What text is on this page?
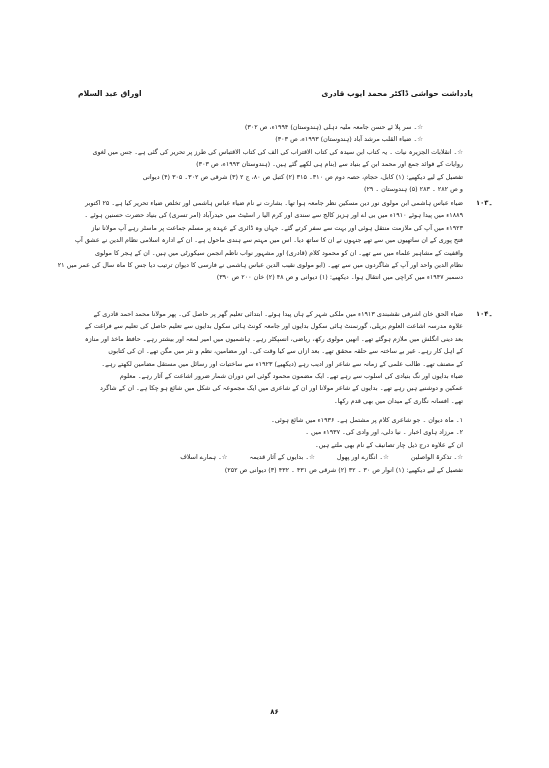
یادداشت حواشی ڈاکٹر محمد ایوب قادری
اوراق عبد السلام
☆۔ سر پلا ئے حسن جامعہ ملیہ دہلی (ہندوستان) ۱۹۹۴ء، ص ۳۰۲)
☆۔ ضیاء القلب مرشد آباد (ہندوستان) ۱۹۹۳ء، ص ۳۰۳)
☆۔ انقلابات الجزیرہ نیات ۔ یہ کتاب ابن سیدہ کی کتاب الاقتراب کی الف کی کتاب الاقتباس کی طرز پر تحریر کی گئی ہے۔ جس میں لغوی
روایات کے فوائد جمع اور محمد ابن کے بنیاد سے (بنام ہی لکھے گئے ہیں۔ (ہندوستان ۱۹۹۳ء، ص ۳۰۳)
تفصیل کے لیے دیکھیے: (۱) کابل، حجام، حصہ دوم ص ۳۱۰۔ ۳۱۵ (۲) کتبل ص ۸۰، ج ۲ (۳) شرقی ص ۳۰۲۔ ۳۰۵ (۴) دیوانی
و ص ۲۸۲ ۔ ۲۸۳ (۵) ہندوستان ۔ ۲۹)
۱۰۳۔
ضیاء عباس ہاشمی ابن مولوی نور دین مسکین نظر جامعہ ہوا تھا۔ بشارت نے نام ضیاء عباس ہاشمی اور تخلص ضیاء تحریر کیا ہے۔ ۲۵ اکتوبر
۱۸۸۹ء میں پیدا ہوئے ۱۹۱۰ء میں بی اے اور ہزیز کالج سے سندی اور کرم الیا ر اسٹیٹ میں حیدرآباد (امر تسری) کی بنیاد حضرت حسنین ہوئے ۔
۱۹۲۳ء میں آپ کی ملازمت منتقل ہوئی اور بہت سے سفر کرتے گئے۔ جہاں وہ ڈائری کے عہدہ پر مسلم جماعت پر ماسٹر رہے آپ مولانا نیاز
فتح پوری کے ان ساتھیوں میں سے تھے جنہوں نے ان کا ساتھ دیا۔ اس میں مہتم سے ہندی ماحول ہے۔ ان کے ادارہ اسلامی نظام الدین نے عشق آپ
واقفیت کے مشاہیر علماء میں سے تھے۔ ان کو محمود کلام (قادری) اور مشہور نواب ناظم انجمن سیکورٹی میں ہیں۔ ان کے ہجر کا مولوی
نظام الدین واحد اور آپ کے شاگردوں میں سے تھے۔ (ابو مولوی نقیب الدین عباس ہاشمی نے فارسی کا دیوان ترتیب دیا جس کا ماہ سال کی عمر میں ۲۱
دسمبر ۱۹۴۷ء میں کراچی میں انتقال ہوا۔ دیکھیے: (۱) دیوانی و ص ۴۸ (۲) خان ۲۰۰ ص ۳۹۰)
۱۰۴۔
ضیاء الحق خان اشرفی نقشبندی ۱۹۱۳ء میں ملکی شہر کے ہاں پیدا ہوئے۔ ابتدائی تعلیم گھر پر حاصل کی۔ پھر مولانا محمد احمد قادری کے
علاوہ مدرسہ اشاعت العلوم بریلی، گورنمنٹ ہائی سکول بدایوں اور جامعہ کونٹ ہائی سکول بدایوں سے تعلیم حاصل کی تعلیم سے فراغت کے
بعد دینی انگلش میں ملازم ہوگئے تھے۔ انھیں مولوی رکھ، ریاضی، انسپکٹر رہے۔ ہاشمیوں میں امیر لمعہ اور بیشتر رہے۔ حافظ ماخذ اور منازہ
کے اہل کار رہے۔ غیر بے ساختہ سے حلقہ محقق تھے۔ بعد ازاں سے کیا وقت کی۔ اور مضامین، نظم و نثر میں مگن تھے۔ ان کی کتابوں
کے مصنف تھے۔ طالب علمی کے زمانہ سے شاعر اور ادیب رہے (دیکھیے) ۱۹۲۳ء سے ساختیات اور رسائل میں مستقل مضامین لکھتے رہے۔
ضیاء بدایوں اور نگ بنیادی کی اسلوب سے رہے تھے۔ ایک مضمون محمود گوئی اس دوران شمار ضرور اشاعت کے آثار رہے۔ معلوم
عمکین و دوشنبے ہیں رہے تھے۔ بدایوں کے شاعر مولانا اور ان کے شاعری میں ایک مجموعہ کی شکل میں شائع ہو چکا ہے۔ ان کے شاگرد
تھے۔ افسانہ نگاری کے میدان میں بھی قدم رکھا۔
۱۔ ماہ دیوان ۔ جو شاعری کلام پر مشتمل ہے۔ ۱۹۳۶ء میں شائع ہوئی۔
۲۔ مرزاد ہاوی اخبار ۔ نیا دلی، اور وادی کی۔ ۱۹۳۷ء میں ۔
ان کے علاوہ درج ذیل چار تصانیف کے نام بھی ملتے ہیں۔
☆۔ تذکرۃ الواصلین
☆۔ انگارے اور پھول
☆۔ بدایوں کے آثار قدیمہ
☆۔ ہمارے اسلاف
تفصیل کے لیے دیکھیے: (۱) انوار ص ۳۰ ۔ ۳۲ (۲) شرقی ص ۴۳۱ ۔ ۴۳۲ (۳) دیوانی ص ۲۵۲)
۸۶
